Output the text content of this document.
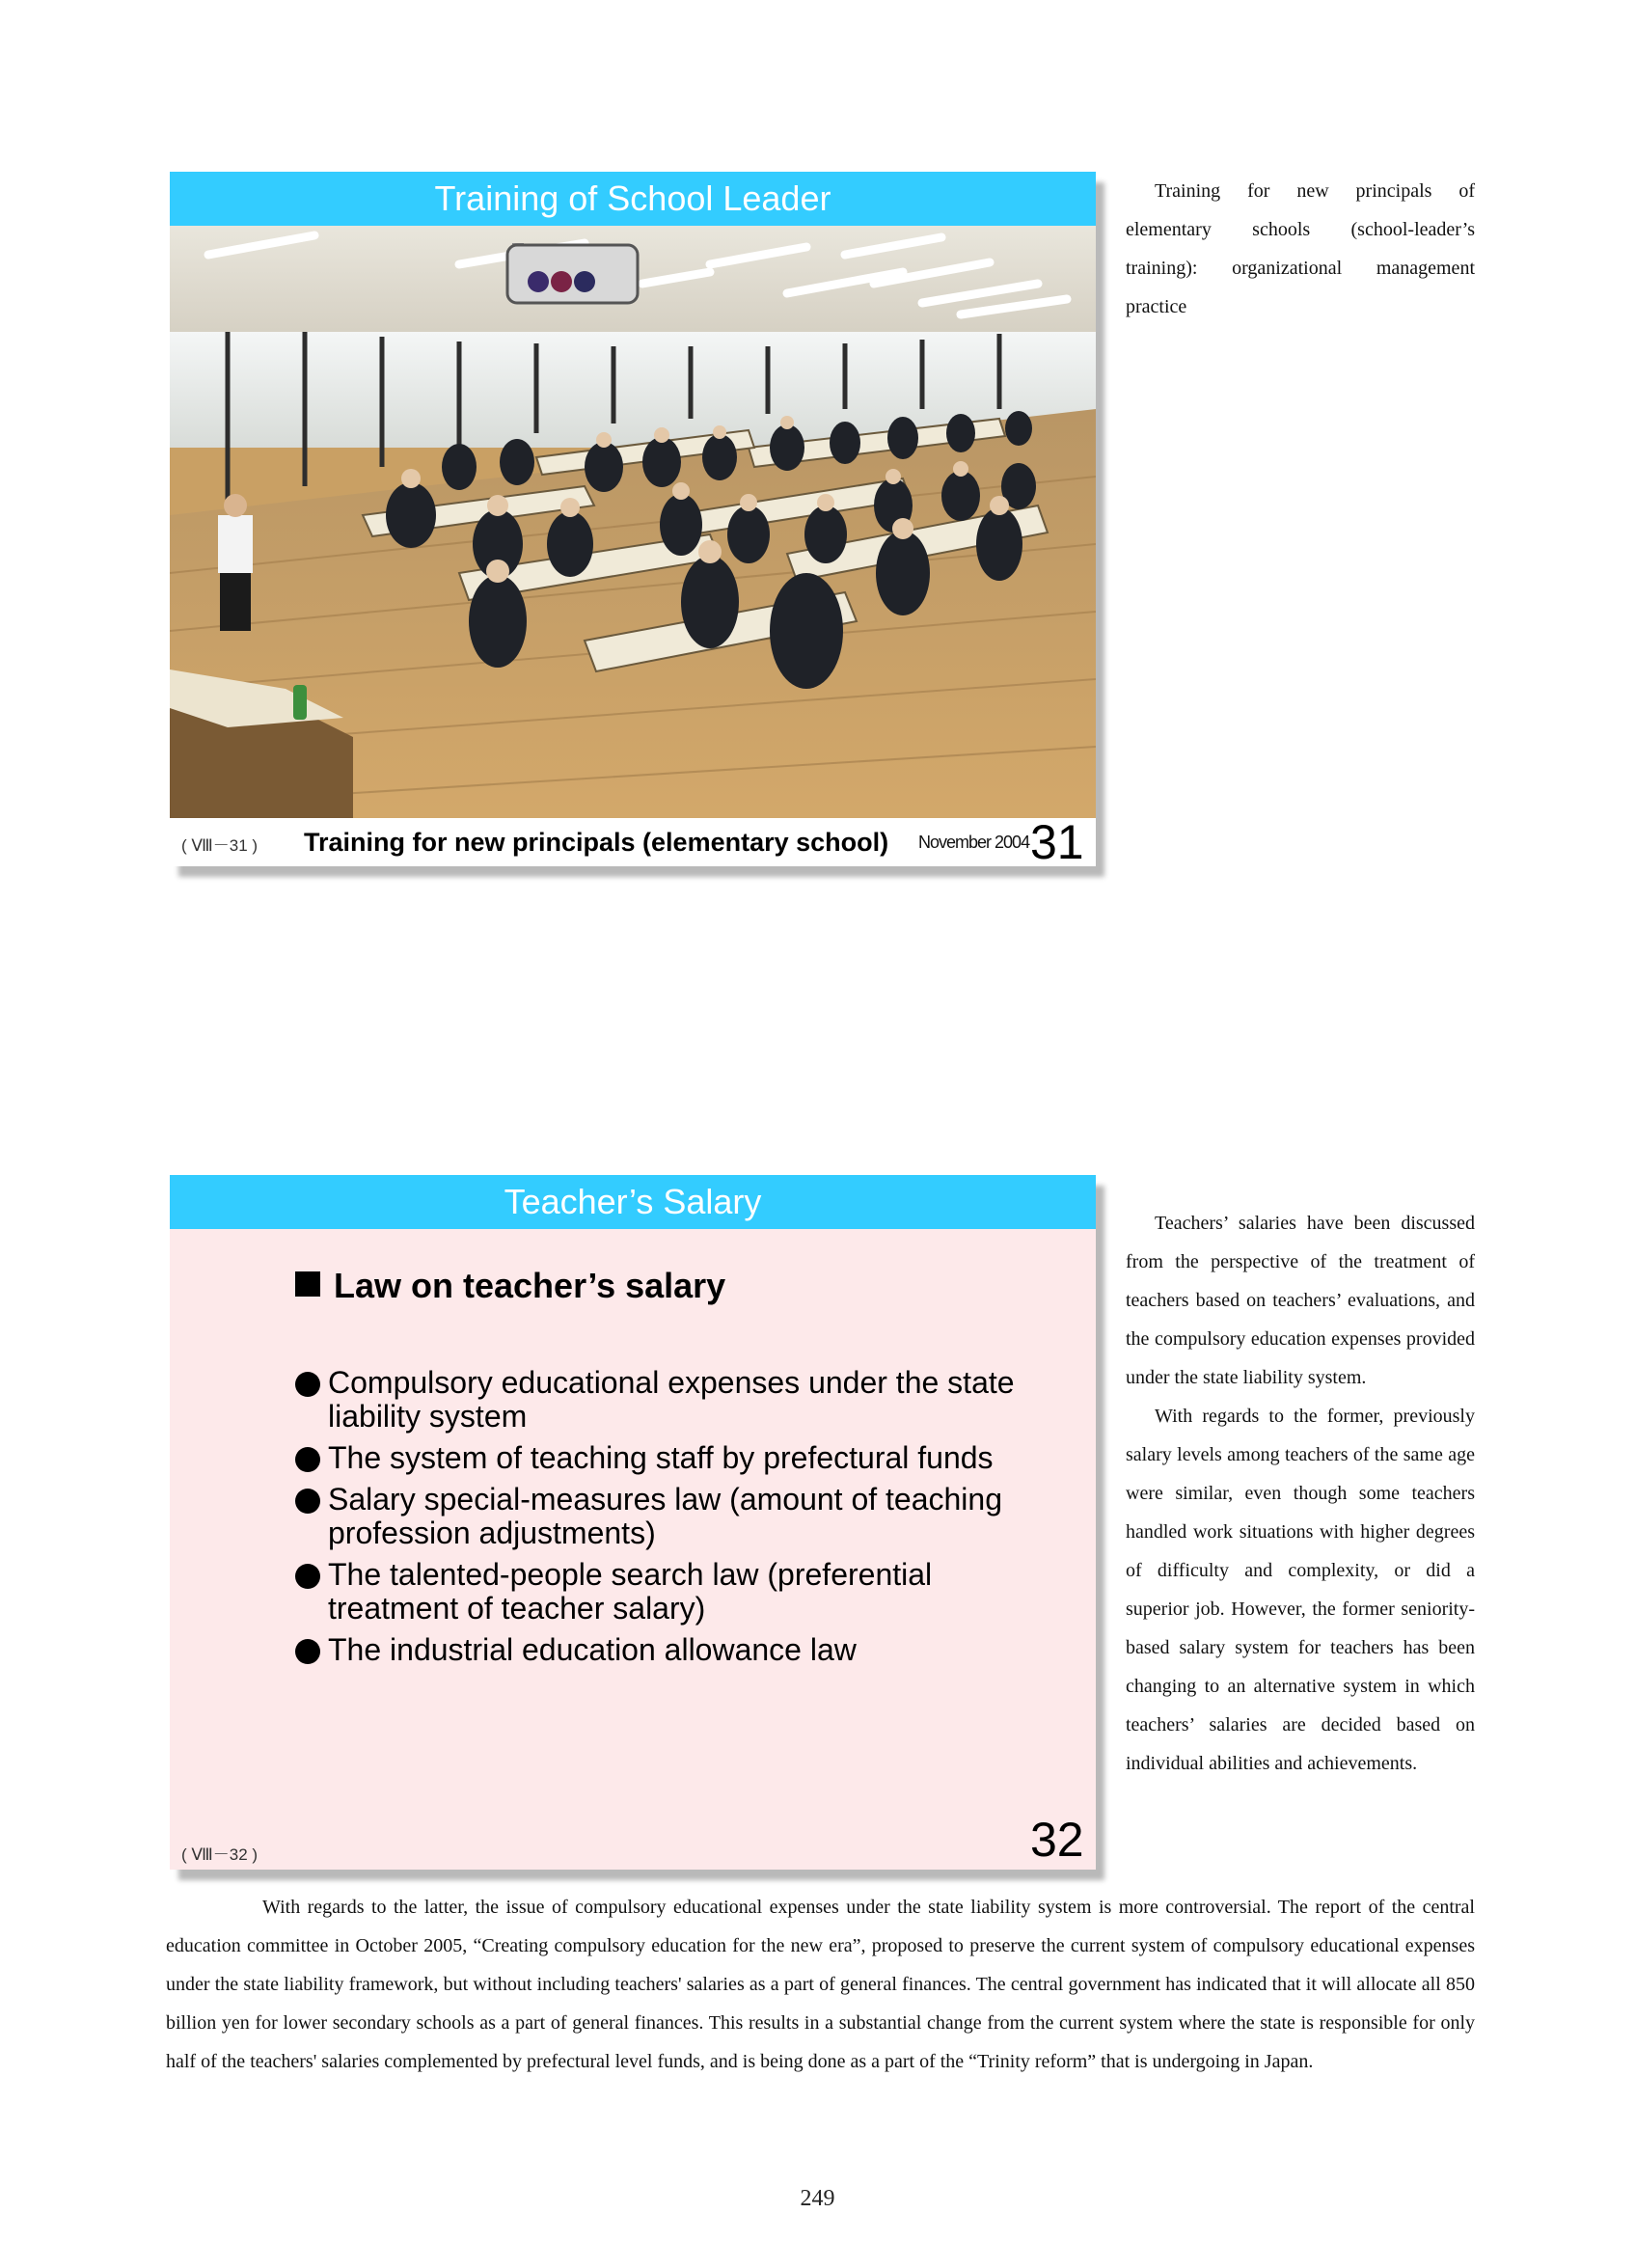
Training of School Leader
( Ⅷ－31 ) Training for new principals (elementary school) November 2004 31

Training for new principals of elementary schools (school-leader’s training): organizational management practice

Teacher’s Salary
Law on teacher’s salary
Compulsory educational expenses under the state liability system
The system of teaching staff by prefectural funds
Salary special-measures law (amount of teaching profession adjustments)
The talented-people search law (preferential treatment of teacher salary)
The industrial education allowance law
( Ⅷ－32 )	32

Teachers’ salaries have been discussed from the perspective of the treatment of teachers based on teachers’ evaluations, and the compulsory education expenses provided under the state liability system.

With regards to the former, previously salary levels among teachers of the same age were similar, even though some teachers handled work situations with higher degrees of difficulty and complexity, or did a superior job. However, the former seniority-based salary system for teachers has been changing to an alternative system in which teachers’ salaries are decided based on individual abilities and achievements.

With regards to the latter, the issue of compulsory educational expenses under the state liability system is more controversial. The report of the central education committee in October 2005, “Creating compulsory education for the new era”, proposed to preserve the current system of compulsory educational expenses under the state liability framework, but without including teachers' salaries as a part of general finances. The central government has indicated that it will allocate all 850 billion yen for lower secondary schools as a part of general finances. This results in a substantial change from the current system where the state is responsible for only half of the teachers' salaries complemented by prefectural level funds, and is being done as a part of the “Trinity reform” that is undergoing in Japan.

249
